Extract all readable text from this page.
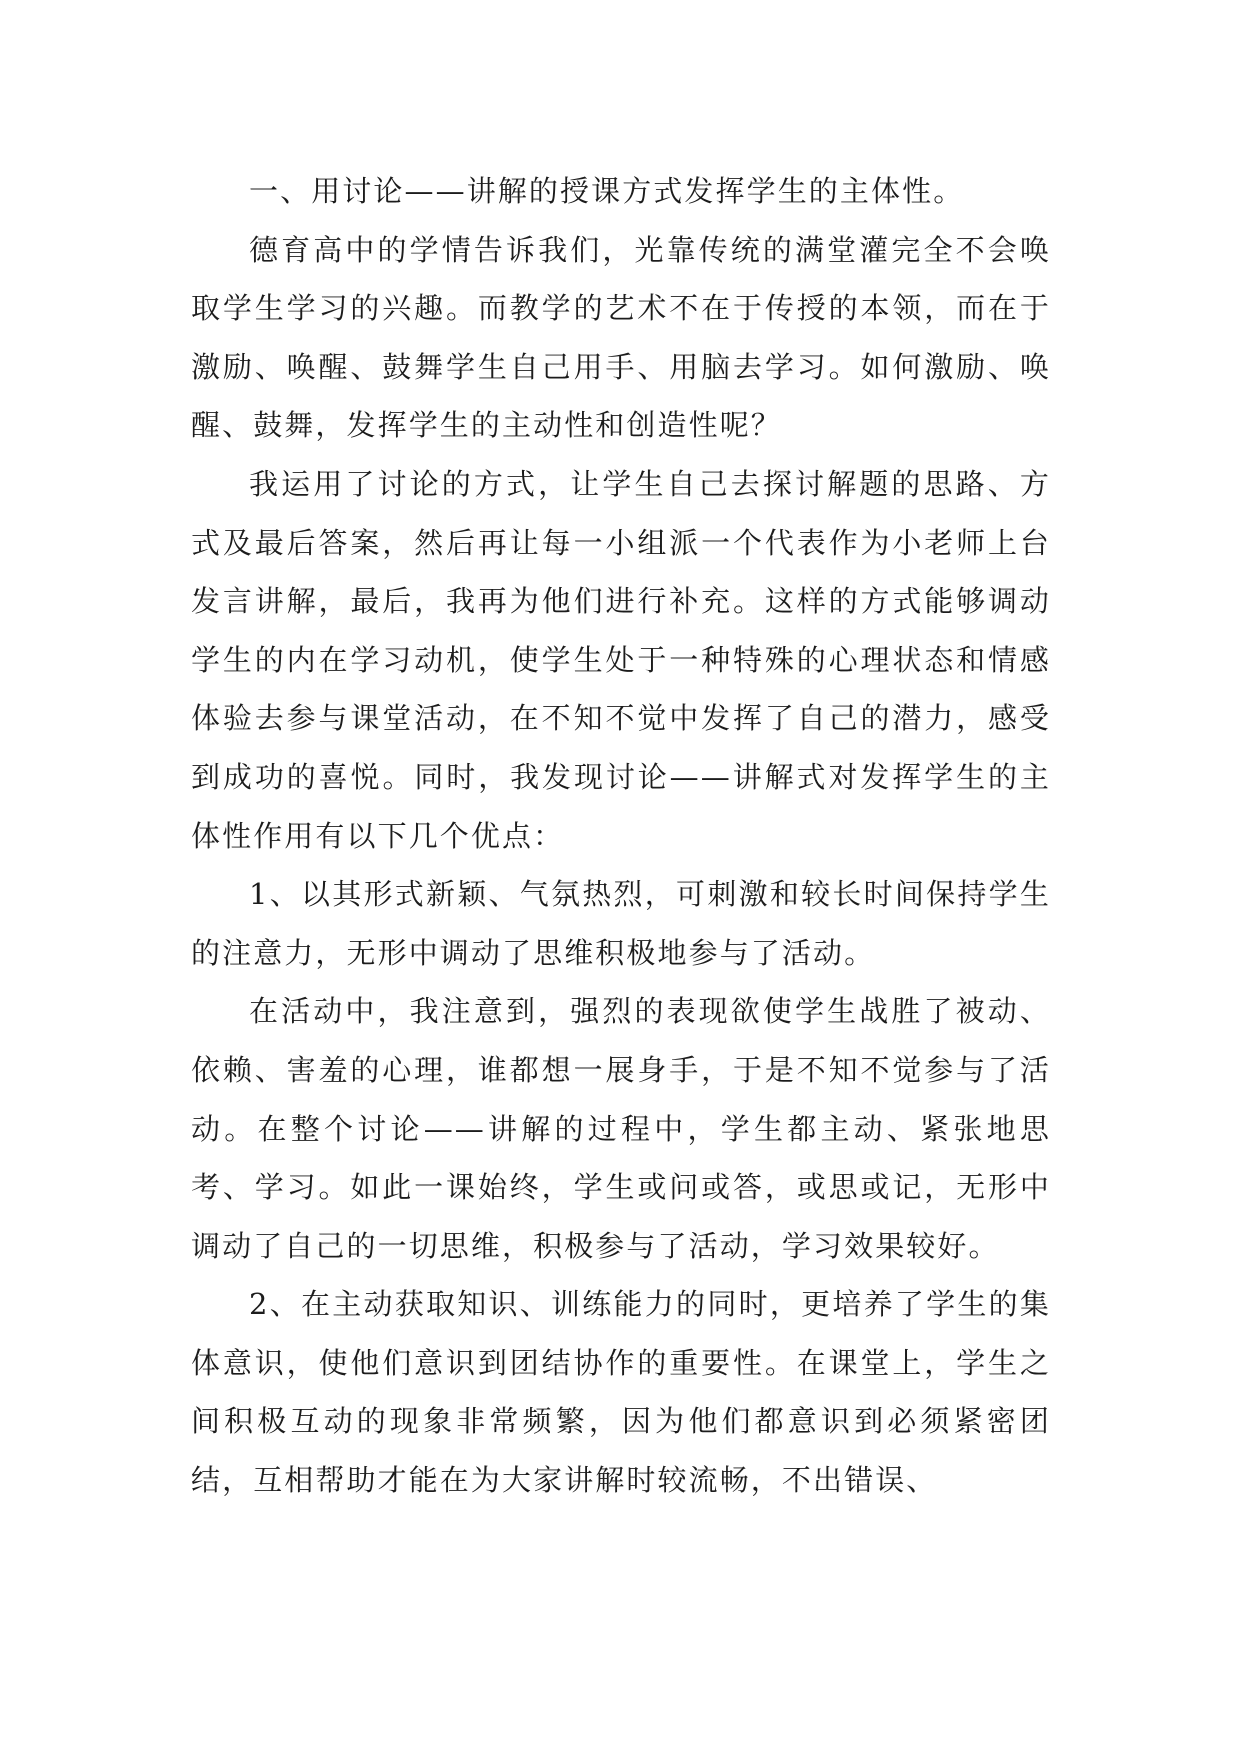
一、用讨论——讲解的授课方式发挥学生的主体性。

德育高中的学情告诉我们，光靠传统的满堂灌完全不会唤取学生学习的兴趣。而教学的艺术不在于传授的本领，而在于激励、唤醒、鼓舞学生自己用手、用脑去学习。如何激励、唤醒、鼓舞，发挥学生的主动性和创造性呢？

我运用了讨论的方式，让学生自己去探讨解题的思路、方式及最后答案，然后再让每一小组派一个代表作为小老师上台发言讲解，最后，我再为他们进行补充。这样的方式能够调动学生的内在学习动机，使学生处于一种特殊的心理状态和情感体验去参与课堂活动，在不知不觉中发挥了自己的潜力，感受到成功的喜悦。同时，我发现讨论——讲解式对发挥学生的主体性作用有以下几个优点：

1、以其形式新颖、气氛热烈，可刺激和较长时间保持学生的注意力，无形中调动了思维积极地参与了活动。

在活动中，我注意到，强烈的表现欲使学生战胜了被动、依赖、害羞的心理，谁都想一展身手，于是不知不觉参与了活动。在整个讨论——讲解的过程中，学生都主动、紧张地思考、学习。如此一课始终，学生或问或答，或思或记，无形中调动了自己的一切思维，积极参与了活动，学习效果较好。

2、在主动获取知识、训练能力的同时，更培养了学生的集体意识，使他们意识到团结协作的重要性。在课堂上，学生之间积极互动的现象非常频繁，因为他们都意识到必须紧密团结，互相帮助才能在为大家讲解时较流畅，不出错误、
